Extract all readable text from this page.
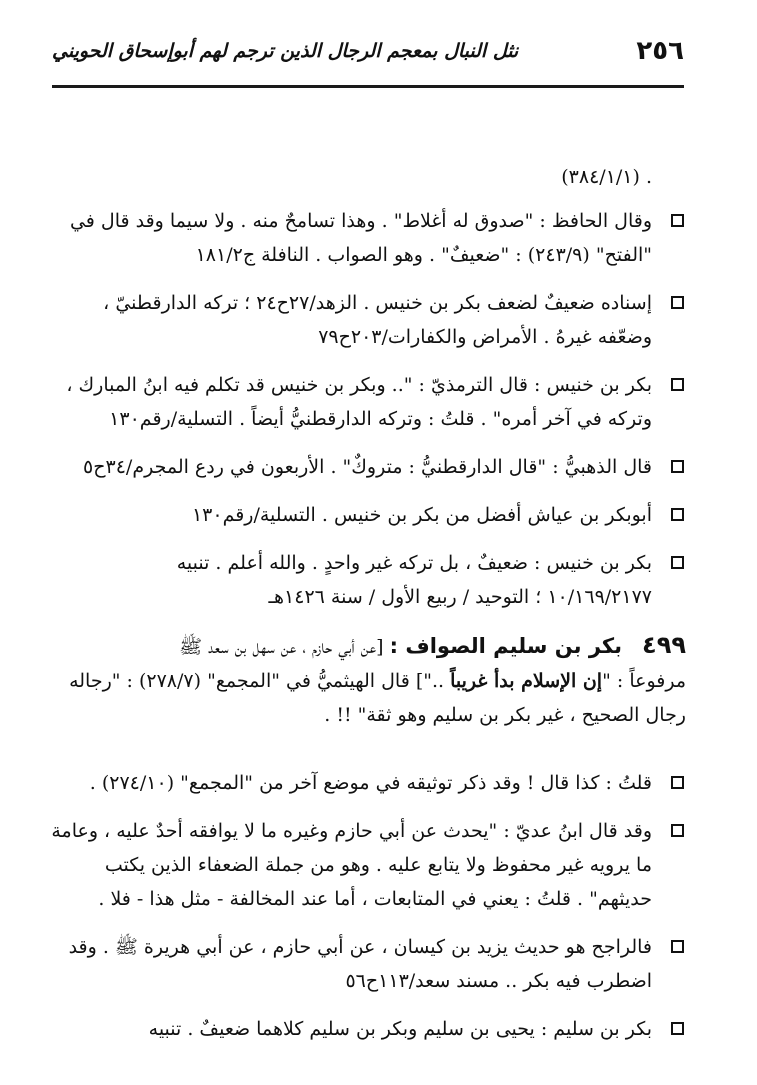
٢٥٦
نثل النبال بمعجم الرجال الذين ترجم لهم أبوإسحاق الحويني
. (٣٨٤/١/١)
وقال الحافظ : "صدوق له أغلاط" . وهذا تسامحٌ منه . ولا سيما وقد قال في
"الفتح" (٢٤٣/٩) : "ضعيفٌ" . وهو الصواب . النافلة ج١٨١/٢
إسناده ضعيفٌ لضعف بكر بن خنيس . الزهد/٢٧ح٢٤ ؛ تركه الدارقطنيّ ،
وضعّفه غيرهُ . الأمراض والكفارات/٢٠٣ح٧٩
بكر بن خنيس : قال الترمذيّ : ".. وبكر بن خنيس قد تكلم فيه ابنُ المبارك ،
وتركه في آخر أمره" . قلتُ : وتركه الدارقطنيُّ أيضاً . التسلية/رقم١٣٠
قال الذهبيُّ : "قال الدارقطنيُّ : متروكٌ" . الأربعون في ردع المجرم/٣٤ح٥
أبوبكر بن عياش أفضل من بكر بن خنيس . التسلية/رقم١٣٠
بكر بن خنيس : ضعيفٌ ، بل تركه غير واحدٍ . والله أعلم . تنبيه
١٠/١٦٩/٢١٧٧ ؛ التوحيد / ربيع الأول / سنة ١٤٢٦هـ
٤٩٩ بكر بن سليم الصواف : [عن أبي حازم ، عن سهل بن سعد ﷺ
مرفوعاً : "إن الإسلام بدأ غريباً .."] قال الهيثميُّ في "المجمع" (٢٧٨/٧) : "رجاله
رجال الصحيح ، غير بكر بن سليم وهو ثقة" !! .
قلتُ : كذا قال ! وقد ذكر توثيقه في موضع آخر من "المجمع" (٢٧٤/١٠) .
وقد قال ابنُ عديّ : "يحدث عن أبي حازم وغيره ما لا يوافقه أحدٌ عليه ، وعامة
ما يرويه غير محفوظ ولا يتابع عليه . وهو من جملة الضعفاء الذين يكتب
حديثهم" . قلتُ : يعني في المتابعات ، أما عند المخالفة - مثل هذا - فلا .
فالراجح هو حديث يزيد بن كيسان ، عن أبي حازم ، عن أبي هريرة ﷺ . وقد
اضطرب فيه بكر .. مسند سعد/١١٣ح٥٦
بكر بن سليم : يحيى بن سليم وبكر بن سليم كلاهما ضعيفٌ . تنبيه
